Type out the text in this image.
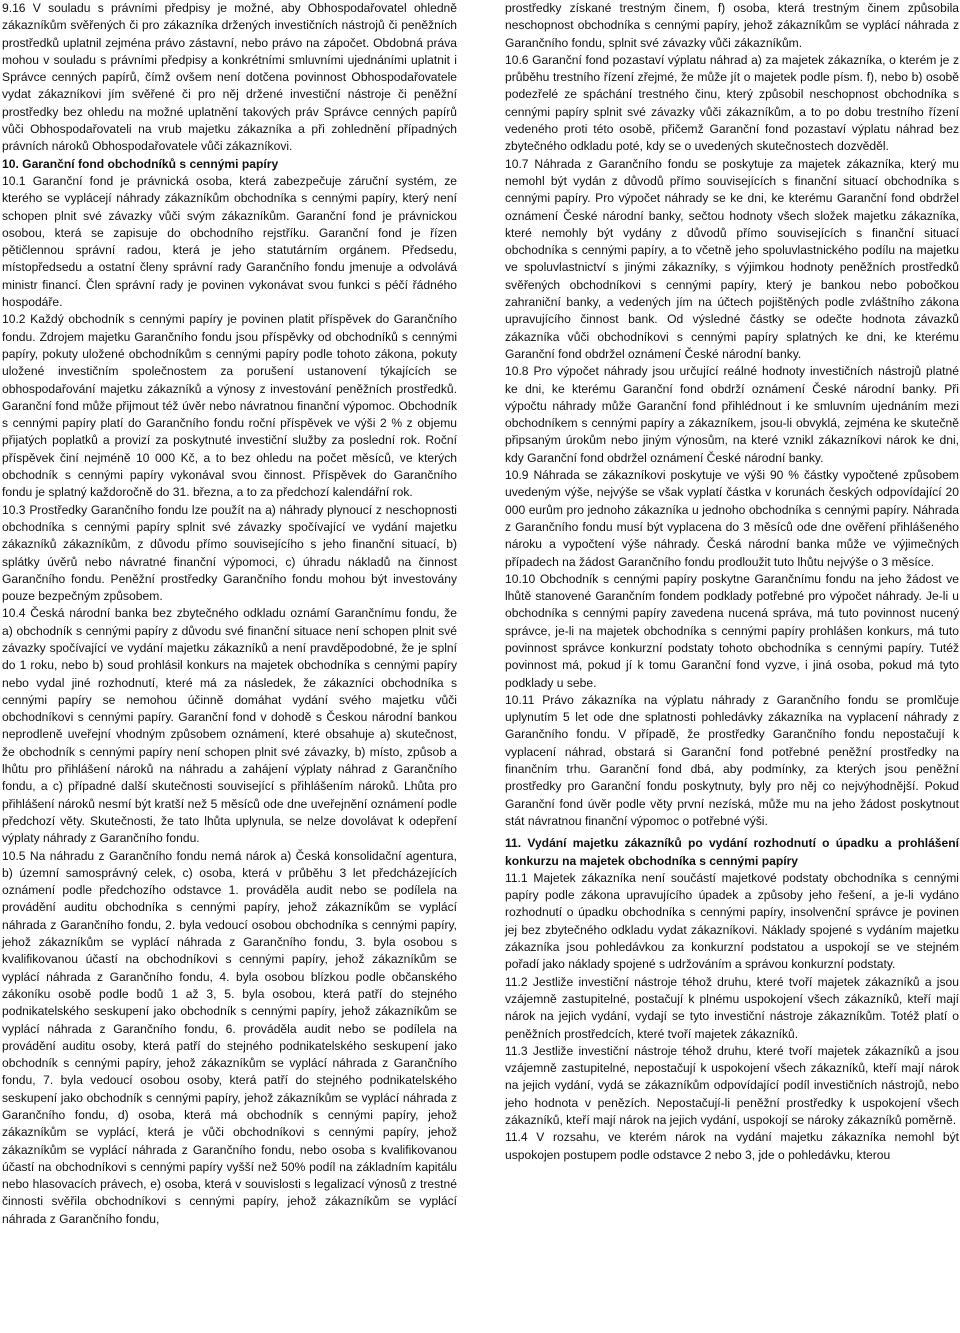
9.16 V souladu s právními předpisy je možné, aby Obhospodařovatel ohledně zákazníkům svěřených či pro zákazníka držených investičních nástrojů či peněžních prostředků uplatnil zejména právo zástavní, nebo právo na zápočet. Obdobná práva mohou v souladu s právními předpisy a konkrétními smluvními ujednáními uplatnit i Správce cenných papírů, čímž ovšem není dotčena povinnost Obhospodařovatele vydat zákazníkovi jím svěřené či pro něj držené investiční nástroje či peněžní prostředky bez ohledu na možné uplatnění takových práv Správce cenných papírů vůči Obhospodařovateli na vrub majetku zákazníka a při zohlednění případných právních nároků Obhospodařovatele vůči zákazníkovi.

10. Garanční fond obchodníků s cennými papíry

10.1 Garanční fond je právnická osoba, která zabezpečuje záruční systém, ze kterého se vyplácejí náhrady zákazníkům obchodníka s cennými papíry, který není schopen plnit své závazky vůči svým zákazníkům. Garanční fond je právnickou osobou, která se zapisuje do obchodního rejstříku. Garanční fond je řízen pětičlennou správní radou, která je jeho statutárním orgánem. Předsedu, místopředsedu a ostatní členy správní rady Garančního fondu jmenuje a odvolává ministr financí. Člen správní rady je povinen vykonávat svou funkci s péčí řádného hospodáře.

10.2 Každý obchodník s cennými papíry je povinen platit příspěvek do Garančního fondu. Zdrojem majetku Garančního fondu jsou příspěvky od obchodníků s cennými papíry, pokuty uložené obchodníkům s cennými papíry podle tohoto zákona, pokuty uložené investičním společnostem za porušení ustanovení týkajících se obhospodařování majetku zákazníků a výnosy z investování peněžních prostředků. Garanční fond může přijmout též úvěr nebo návratnou finanční výpomoc. Obchodník s cennými papíry platí do Garančního fondu roční příspěvek ve výši 2 % z objemu přijatých poplatků a provizí za poskytnuté investiční služby za poslední rok. Roční příspěvek činí nejméně 10 000 Kč, a to bez ohledu na počet měsíců, ve kterých obchodník s cennými papíry vykonával svou činnost. Příspěvek do Garančního fondu je splatný každoročně do 31. března, a to za předchozí kalendářní rok.

10.3 Prostředky Garančního fondu lze použít na a) náhrady plynoucí z neschopnosti obchodníka s cennými papíry splnit své závazky spočívající ve vydání majetku zákazníků zákazníkům, z důvodu přímo souvisejícího s jeho finanční situací, b) splátky úvěrů nebo návratné finanční výpomoci, c) úhradu nákladů na činnost Garančního fondu. Peněžní prostředky Garančního fondu mohou být investovány pouze bezpečným způsobem.

10.4 Česká národní banka bez zbytečného odkladu oznámí Garančnímu fondu, že a) obchodník s cennými papíry z důvodu své finanční situace není schopen plnit své závazky spočívající ve vydání majetku zákazníků a není pravděpodobné, že je splní do 1 roku, nebo b) soud prohlásil konkurs na majetek obchodníka s cennými papíry nebo vydal jiné rozhodnutí, které má za následek, že zákazníci obchodníka s cennými papíry se nemohou účinně domáhat vydání svého majetku vůči obchodníkovi s cennými papíry. Garanční fond v dohodě s Českou národní bankou neprodleně uveřejní vhodným způsobem oznámení, které obsahuje a) skutečnost, že obchodník s cennými papíry není schopen plnit své závazky, b) místo, způsob a lhůtu pro přihlášení nároků na náhradu a zahájení výplaty náhrad z Garančního fondu, a c) případné další skutečnosti související s přihlášením nároků. Lhůta pro přihlášení nároků nesmí být kratší než 5 měsíců ode dne uveřejnění oznámení podle předchozí věty. Skutečnosti, že tato lhůta uplynula, se nelze dovolávat k odepření výplaty náhrady z Garančního fondu.

10.5 Na náhradu z Garančního fondu nemá nárok a) Česká konsolidační agentura, b) územní samosprávný celek, c) osoba, která v průběhu 3 let předcházejících oznámení podle předchozího odstavce 1. prováděla audit nebo se podílela na provádění auditu obchodníka s cennými papíry, jehož zákazníkům se vyplácí náhrada z Garančního fondu, 2. byla vedoucí osobou obchodníka s cennými papíry, jehož zákazníkům se vyplácí náhrada z Garančního fondu, 3. byla osobou s kvalifikovanou účastí na obchodníkovi s cennými papíry, jehož zákazníkům se vyplácí náhrada z Garančního fondu, 4. byla osobou blízkou podle občanského zákoníku osobě podle bodů 1 až 3, 5. byla osobou, která patří do stejného podnikatelského seskupení jako obchodník s cennými papíry, jehož zákazníkům se vyplácí náhrada z Garančního fondu, 6. prováděla audit nebo se podílela na provádění auditu osoby, která patří do stejného podnikatelského seskupení jako obchodník s cennými papíry, jehož zákazníkům se vyplácí náhrada z Garančního fondu, 7. byla vedoucí osobou osoby, která patří do stejného podnikatelského seskupení jako obchodník s cennými papíry, jehož zákazníkům se vyplácí náhrada z Garančního fondu, d) osoba, která má obchodník s cennými papíry, jehož zákazníkům se vyplácí, která je vůči obchodníkovi s cennými papíry, jehož zákazníkům se vyplácí náhrada z Garančního fondu, nebo osoba s kvalifikovanou účastí na obchodníkovi s cennými papíry vyšší než 50% podíl na základním kapitálu nebo hlasovacích právech, e) osoba, která v souvislosti s legalizací výnosů z trestné činnosti svěřila obchodníkovi s cennými papíry, jehož zákazníkům se vyplácí náhrada z Garančního fondu,

prostředky získané trestným činem, f) osoba, která trestným činem způsobila neschopnost obchodníka s cennými papíry, jehož zákazníkům se vyplácí náhrada z Garančního fondu, splnit své závazky vůči zákazníkům.

10.6 Garanční fond pozastaví výplatu náhrad a) za majetek zákazníka, o kterém je z průběhu trestního řízení zřejmé, že může jít o majetek podle písm. f), nebo b) osobě podezřelé ze spáchání trestného činu, který způsobil neschopnost obchodníka s cennými papíry splnit své závazky vůči zákazníkům, a to po dobu trestního řízení vedeného proti této osobě, přičemž Garanční fond pozastaví výplatu náhrad bez zbytečného odkladu poté, kdy se o uvedených skutečnostech dozvěděl.

10.7 Náhrada z Garančního fondu se poskytuje za majetek zákazníka, který mu nemohl být vydán z důvodů přímo souvisejících s finanční situací obchodníka s cennými papíry. Pro výpočet náhrady se ke dni, ke kterému Garanční fond obdržel oznámení České národní banky, sečtou hodnoty všech složek majetku zákazníka, které nemohly být vydány z důvodů přímo souvisejících s finanční situací obchodníka s cennými papíry, a to včetně jeho spoluvlastnického podílu na majetku ve spoluvlastnictví s jinými zákazníky, s výjimkou hodnoty peněžních prostředků svěřených obchodníkovi s cennými papíry, který je bankou nebo pobočkou zahraniční banky, a vedených jím na účtech pojištěných podle zvláštního zákona upravujícího činnost bank. Od výsledné částky se odečte hodnota závazků zákazníka vůči obchodníkovi s cennými papíry splatných ke dni, ke kterému Garanční fond obdržel oznámení České národní banky.

10.8 Pro výpočet náhrady jsou určující reálné hodnoty investičních nástrojů platné ke dni, ke kterému Garanční fond obdrží oznámení České národní banky. Při výpočtu náhrady může Garanční fond přihlédnout i ke smluvním ujednáním mezi obchodníkem s cennými papíry a zákazníkem, jsou-li obvyklá, zejména ke skutečně připsaným úrokům nebo jiným výnosům, na které vznikl zákazníkovi nárok ke dni, kdy Garanční fond obdržel oznámení České národní banky.

10.9 Náhrada se zákazníkovi poskytuje ve výši 90 % částky vypočtené způsobem uvedeným výše, nejvýše se však vyplatí částka v korunách českých odpovídající 20 000 eurům pro jednoho zákazníka u jednoho obchodníka s cennými papíry. Náhrada z Garančního fondu musí být vyplacena do 3 měsíců ode dne ověření přihlášeného nároku a vypočtení výše náhrady. Česká národní banka může ve výjimečných případech na žádost Garančního fondu prodloužit tuto lhůtu nejvýše o 3 měsíce.

10.10 Obchodník s cennými papíry poskytne Garančnímu fondu na jeho žádost ve lhůtě stanovené Garančním fondem podklady potřebné pro výpočet náhrady. Je-li u obchodníka s cennými papíry zavedena nucená správa, má tuto povinnost nucený správce, je-li na majetek obchodníka s cennými papíry prohlášen konkurs, má tuto povinnost správce konkurzní podstaty tohoto obchodníka s cennými papíry. Tutéž povinnost má, pokud jí k tomu Garanční fond vyzve, i jiná osoba, pokud má tyto podklady u sebe.

10.11 Právo zákazníka na výplatu náhrady z Garančního fondu se promlčuje uplynutím 5 let ode dne splatnosti pohledávky zákazníka na vyplacení náhrady z Garančního fondu. V případě, že prostředky Garančního fondu nepostačují k vyplacení náhrad, obstará si Garanční fond potřebné peněžní prostředky na finančním trhu. Garanční fond dbá, aby podmínky, za kterých jsou peněžní prostředky pro Garanční fondu poskytnuty, byly pro něj co nejvýhodnější. Pokud Garanční fond úvěr podle věty první nezíská, může mu na jeho žádost poskytnout stát návratnou finanční výpomoc o potřebné výši.

11. Vydání majetku zákazníků po vydání rozhodnutí o úpadku a prohlášení konkurzu na majetek obchodníka s cennými papíry

11.1 Majetek zákazníka není součástí majetkové podstaty obchodníka s cennými papíry podle zákona upravujícího úpadek a způsoby jeho řešení, a je-li vydáno rozhodnutí o úpadku obchodníka s cennými papíry, insolvenční správce je povinen jej bez zbytečného odkladu vydat zákazníkovi. Náklady spojené s vydáním majetku zákazníka jsou pohledávkou za konkurzní podstatou a uspokojí se ve stejném pořadí jako náklady spojené s udržováním a správou konkurzní podstaty.

11.2 Jestliže investiční nástroje téhož druhu, které tvoří majetek zákazníků a jsou vzájemně zastupitelné, postačují k plnému uspokojení všech zákazníků, kteří mají nárok na jejich vydání, vydají se tyto investiční nástroje zákazníkům. Totéž platí o peněžních prostředcích, které tvoří majetek zákazníků.

11.3 Jestliže investiční nástroje téhož druhu, které tvoří majetek zákazníků a jsou vzájemně zastupitelné, nepostačují k uspokojení všech zákazníků, kteří mají nárok na jejich vydání, vydá se zákazníkům odpovídající podíl investičních nástrojů, nebo jeho hodnota v penězích. Nepostačují-li peněžní prostředky k uspokojení všech zákazníků, kteří mají nárok na jejich vydání, uspokojí se nároky zákazníků poměrně.

11.4 V rozsahu, ve kterém nárok na vydání majetku zákazníka nemohl být uspokojen postupem podle odstavce 2 nebo 3, jde o pohledávku, kterou
